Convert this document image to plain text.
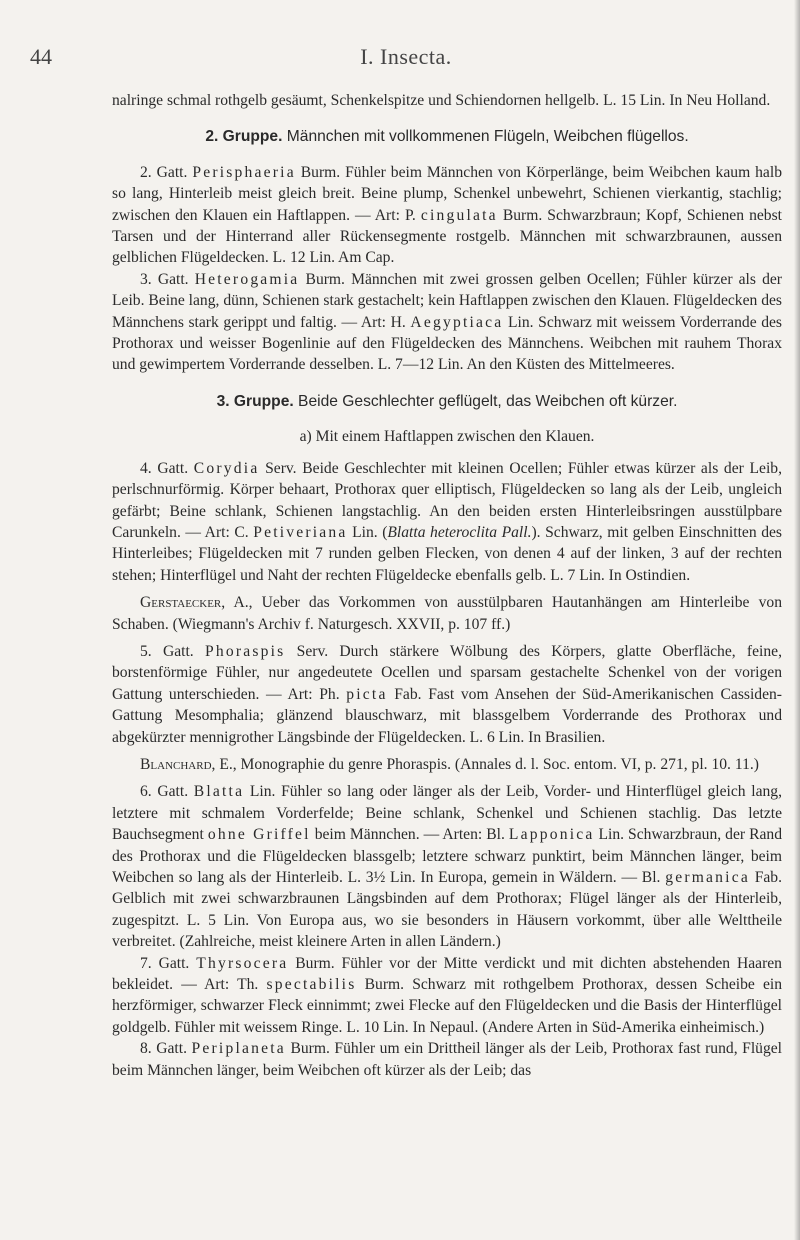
44	I. Insecta.

nalringe schmal rothgelb gesäumt, Schenkelspitze und Schiendornen hellgelb. L. 15 Lin. In Neu Holland.

2. Gruppe. Männchen mit vollkommenen Flügeln, Weibchen flügellos.

2. Gatt. Perisphaeria Burm. Fühler beim Männchen von Körperlänge, beim Weibchen kaum halb so lang, Hinterleib meist gleich breit. Beine plump, Schenkel unbewehrt, Schienen vierkantig, stachlig; zwischen den Klauen ein Haftlappen. — Art: P. cingulata Burm. Schwarzbraun; Kopf, Schienen nebst Tarsen und der Hinterrand aller Rückensegmente rostgelb. Männchen mit schwarzbraunen, aussen gelblichen Flügeldecken. L. 12 Lin. Am Cap.

3. Gatt. Heterogamia Burm. Männchen mit zwei grossen gelben Ocellen; Fühler kürzer als der Leib. Beine lang, dünn, Schienen stark gestachelt; kein Haftlappen zwischen den Klauen. Flügeldecken des Männchens stark gerippt und faltig. — Art: H. Aegyptiaca Lin. Schwarz mit weissem Vorderrande des Prothorax und weisser Bogenlinie auf den Flügeldecken des Männchens. Weibchen mit rauhem Thorax und gewimpertem Vorderrande desselben. L. 7—12 Lin. An den Küsten des Mittelmeeres.

3. Gruppe. Beide Geschlechter geflügelt, das Weibchen oft kürzer.
a) Mit einem Haftlappen zwischen den Klauen.

4. Gatt. Corydia Serv. Beide Geschlechter mit kleinen Ocellen; Fühler etwas kürzer als der Leib, perlschnurförmig. Körper behaart, Prothorax quer elliptisch, Flügeldecken so lang als der Leib, ungleich gefärbt; Beine schlank, Schienen langstachlig. An den beiden ersten Hinterleibsringen ausstülpbare Carunkeln. — Art: C. Petiveriana Lin. (Blatta heteroclita Pall.). Schwarz, mit gelben Einschnitten des Hinterleibes; Flügeldecken mit 7 runden gelben Flecken, von denen 4 auf der linken, 3 auf der rechten stehen; Hinterflügel und Naht der rechten Flügeldecke ebenfalls gelb. L. 7 Lin. In Ostindien.

Gerstaecker, A., Ueber das Vorkommen von ausstülpbaren Hautanhängen am Hinterleibe von Schaben. (Wiegmann's Archiv f. Naturgesch. XXVII, p. 107 ff.)

5. Gatt. Phoraspis Serv. Durch stärkere Wölbung des Körpers, glatte Oberfläche, feine, borstenförmige Fühler, nur angedeutete Ocellen und sparsam gestachelte Schenkel von der vorigen Gattung unterschieden. — Art: Ph. picta Fab. Fast vom Ansehen der Süd-Amerikanischen Cassiden-Gattung Mesomphalia; glänzend blauschwarz, mit blassgelbem Vorderrande des Prothorax und abgekürzter mennigrother Längsbinde der Flügeldecken. L. 6 Lin. In Brasilien.

Blanchard, E., Monographie du genre Phoraspis. (Annales d. l. Soc. entom. VI, p. 271, pl. 10. 11.)

6. Gatt. Blatta Lin. Fühler so lang oder länger als der Leib, Vorder- und Hinterflügel gleich lang, letztere mit schmalem Vorderfelde; Beine schlank, Schenkel und Schienen stachlig. Das letzte Bauchsegment ohne Griffel beim Männchen. — Arten: Bl. Lapponica Lin. Schwarzbraun, der Rand des Prothorax und die Flügeldecken blassgelb; letztere schwarz punktirt, beim Männchen länger, beim Weibchen so lang als der Hinterleib. L. 3½ Lin. In Europa, gemein in Wäldern. — Bl. germanica Fab. Gelblich mit zwei schwarzbraunen Längsbinden auf dem Prothorax; Flügel länger als der Hinterleib, zugespitzt. L. 5 Lin. Von Europa aus, wo sie besonders in Häusern vorkommt, über alle Welttheile verbreitet. (Zahlreiche, meist kleinere Arten in allen Ländern.)

7. Gatt. Thyrsocera Burm. Fühler vor der Mitte verdickt und mit dichten abstehenden Haaren bekleidet. — Art: Th. spectabilis Burm. Schwarz mit rothgelbem Prothorax, dessen Scheibe ein herzförmiger, schwarzer Fleck einnimmt; zwei Flecke auf den Flügeldecken und die Basis der Hinterflügel goldgelb. Fühler mit weissem Ringe. L. 10 Lin. In Nepaul. (Andere Arten in Süd-Amerika einheimisch.)

8. Gatt. Periplaneta Burm. Fühler um ein Drittheil länger als der Leib, Prothorax fast rund, Flügel beim Männchen länger, beim Weibchen oft kürzer als der Leib; das
